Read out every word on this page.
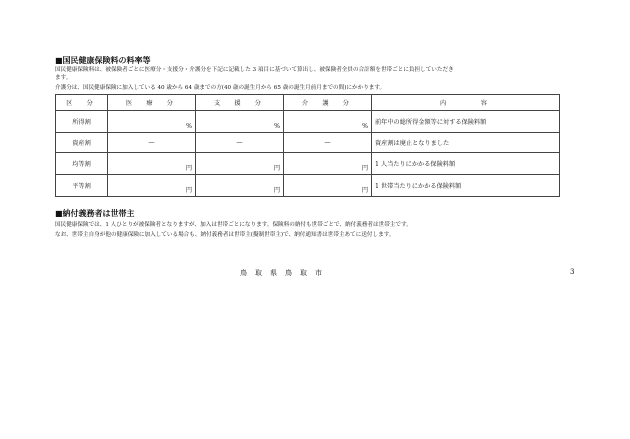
■国民健康保険料の料率等
国民健康保険料は、被保険者ごとに医療分・支援分・介護分を下記に記載した 3 項目に基づいて算出し、被保険者全員の合計額を世帯ごとに負担していただき
ます。
介護分は、国民健康保険に加入している 40 歳から 64 歳までの方(40 歳の誕生月から 65 歳の誕生月前月までの間)にかかります。
区　分	医　療　分	支　援　分	介　護　分	内　　　容
所得割	%	%	%	前年中の総所得金額等に対する保険料額
資産割	—	—	—	資産割は廃止となりました
均等割	円	円	円	1 人当たりにかかる保険料額
平等割	円	円	円	1 世帯当たりにかかる保険料額
■納付義務者は世帯主
国民健康保険では、1 人ひとりが被保険者となりますが、加入は世帯ごとになります。保険料の納付も世帯ごとで、納付義務者は世帯主です。
なお、世帯主自身が他の健康保険に加入している場合も、納付義務者は世帯主(擬制世帯主)で、納付通知書は世帯主あてに送付します。
鳥取県鳥取市	3
